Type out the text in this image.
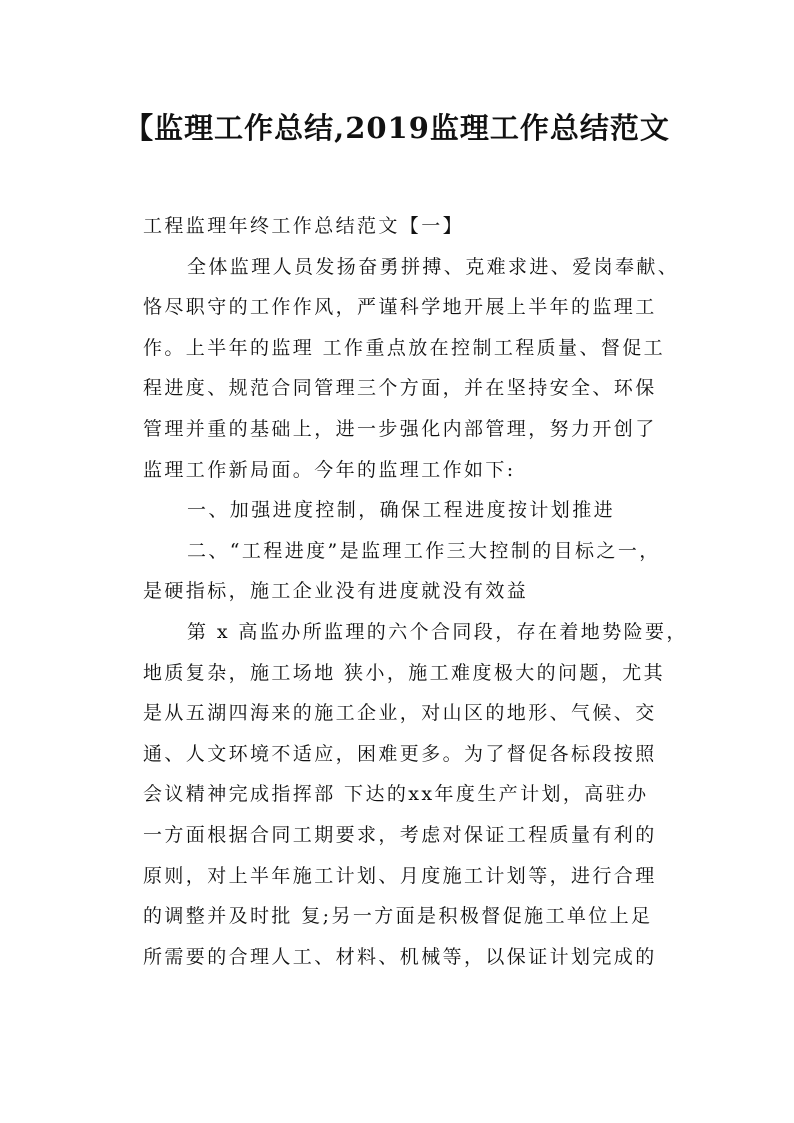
【监理工作总结,2019监理工作总结范文
工程监理年终工作总结范文【一】
全体监理人员发扬奋勇拼搏、克难求进、爱岗奉献、
恪尽职守的工作作风，严谨科学地开展上半年的监理工
作。上半年的监理 工作重点放在控制工程质量、督促工
程进度、规范合同管理三个方面，并在坚持安全、环保
管理并重的基础上，进一步强化内部管理，努力开创了
监理工作新局面。今年的监理工作如下:
一、加强进度控制，确保工程进度按计划推进
二、“工程进度”是监理工作三大控制的目标之一，
是硬指标，施工企业没有进度就没有效益
第 x 高监办所监理的六个合同段，存在着地势险要，
地质复杂，施工场地 狭小，施工难度极大的问题，尤其
是从五湖四海来的施工企业，对山区的地形、气候、交
通、人文环境不适应，困难更多。为了督促各标段按照
会议精神完成指挥部 下达的xx年度生产计划，高驻办
一方面根据合同工期要求，考虑对保证工程质量有利的
原则，对上半年施工计划、月度施工计划等，进行合理
的调整并及时批 复;另一方面是积极督促施工单位上足
所需要的合理人工、材料、机械等，以保证计划完成的
